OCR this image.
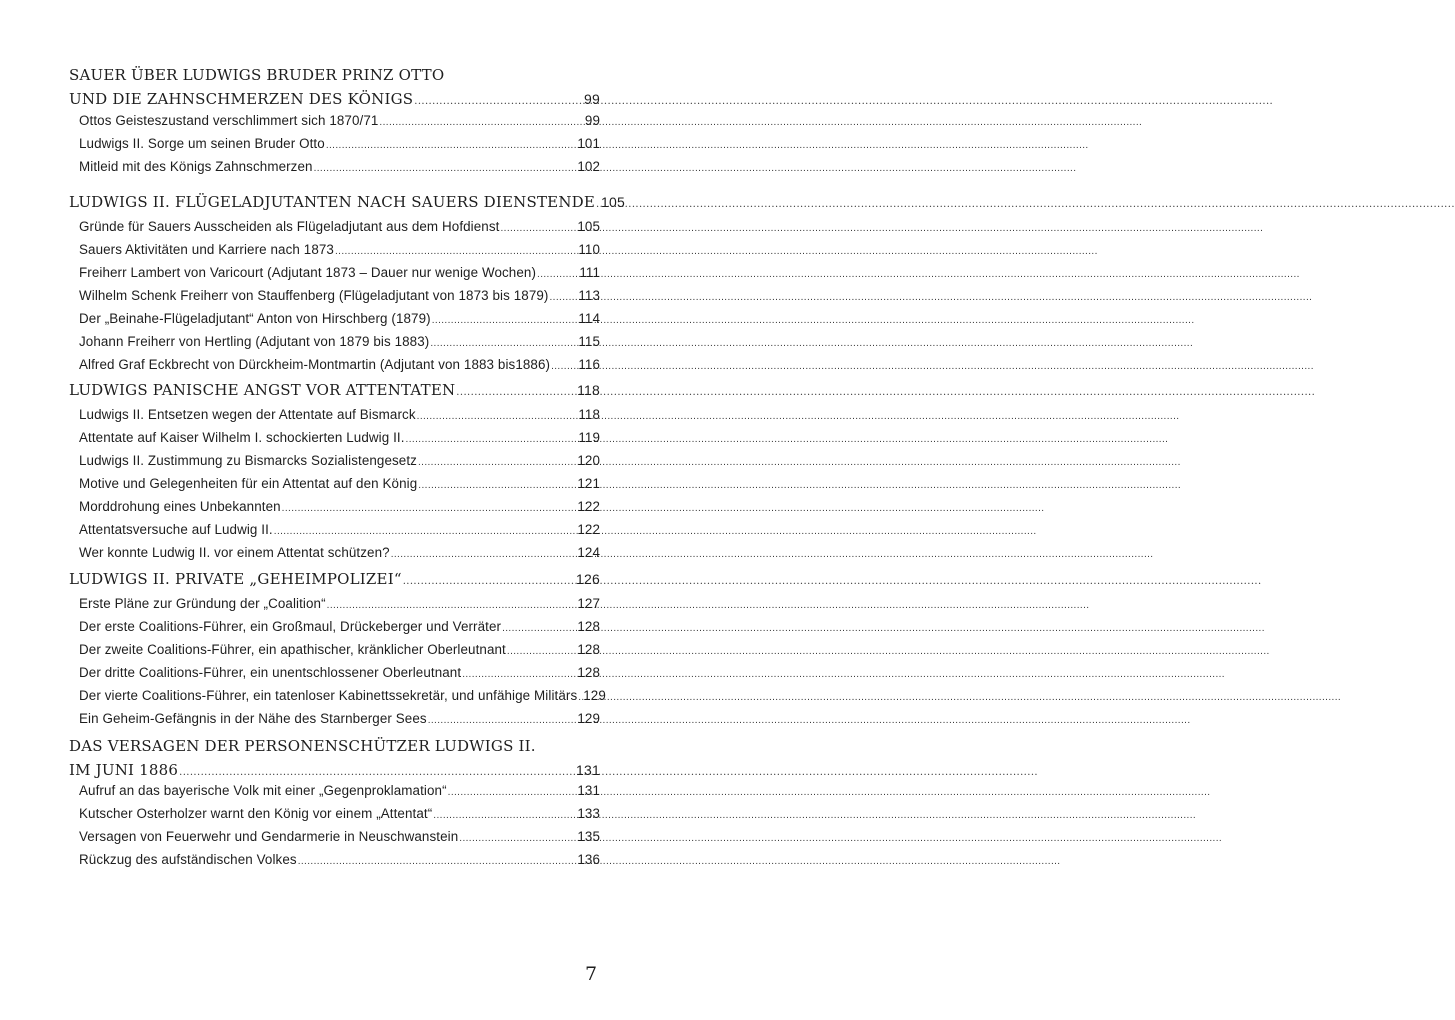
SAUER ÜBER LUDWIGS BRUDER PRINZ OTTO
UND DIE ZAHNSCHMERZEN DES KÖNIGS .....	99
Ottos Geisteszustand verschlimmert sich 1870/71 .....	99
Ludwigs II. Sorge um seinen Bruder Otto .....	101
Mitleid mit des Königs Zahnschmerzen .....	102
LUDWIGS II. FLÜGELADJUTANTEN NACH SAUERS DIENSTENDE ..... 105
Gründe für Sauers Ausscheiden als Flügeladjutant aus dem Hofdienst .....	105
Sauers Aktivitäten und Karriere nach 1873 .....	110
Freiherr Lambert von Varicourt (Adjutant 1873 – Dauer nur wenige Wochen) .....	111
Wilhelm Schenk Freiherr von Stauffenberg (Flügeladjutant von 1873 bis 1879) ..... 113
Der „Beinahe-Flügeladjutant“ Anton von Hirschberg (1879) .....	114
Johann Freiherr von Hertling (Adjutant von 1879 bis 1883) .....	115
Alfred Graf Eckbrecht von Dürckheim-Montmartin (Adjutant von 1883 bis1886) ..... 116
LUDWIGS PANISCHE ANGST VOR ATTENTATEN .....	118
Ludwigs II. Entsetzen wegen der Attentate auf Bismarck .....	118
Attentate auf Kaiser Wilhelm I. schockierten Ludwig II. .....	119
Ludwigs II. Zustimmung zu Bismarcks Sozialistengesetz .....	120
Motive und Gelegenheiten für ein Attentat auf den König .....	121
Morddrohung eines Unbekannten .....	122
Attentatsversuche auf Ludwig II. .....	122
Wer konnte Ludwig II. vor einem Attentat schützen? .....	124
LUDWIGS II. PRIVATE „GEHEIMPOLIZEI“ .....	126
Erste Pläne zur Gründung der „Coalition“ .....	127
Der erste Coalitions-Führer, ein Großmaul, Drückeberger und Verräter .....	128
Der zweite Coalitions-Führer, ein apathischer, kränklicher Oberleutnant .....	128
Der dritte Coalitions-Führer, ein unentschlossener Oberleutnant .....	128
Der vierte Coalitions-Führer, ein tatenloser Kabinettssekretär, und unfähige Militärs ..... 129
Ein Geheim-Gefängnis in der Nähe des Starnberger Sees .....	129
DAS VERSAGEN DER PERSONENSCHÜTZER LUDWIGS II.
IM JUNI 1886 .....	131
Aufruf an das bayerische Volk mit einer „Gegenproklamation“ .....	131
Kutscher Osterholzer warnt den König vor einem „Attentat“ .....	133
Versagen von Feuerwehr und Gendarmerie in Neuschwanstein .....	135
Rückzug des aufständischen Volkes .....	136
7
